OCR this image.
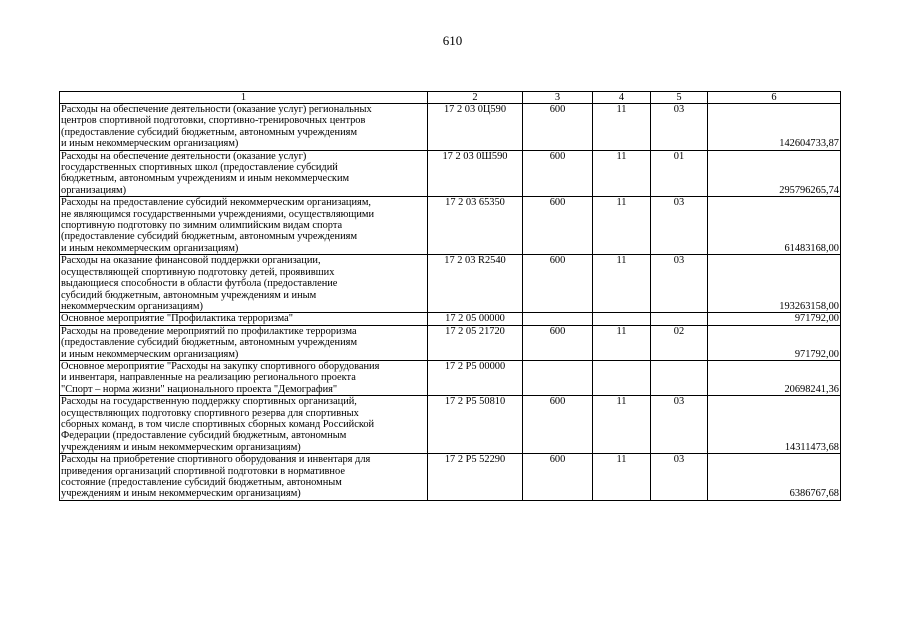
610
1	2	3	4	5	6
Расходы на обеспечение деятельности (оказание услуг) региональных
центров спортивной подготовки, спортивно-тренировочных центров
(предоставление субсидий бюджетным, автономным учреждениям
и иным некоммерческим организациям)	17 2 03 0Ц590	600	11	03	142604733,87
Расходы на обеспечение деятельности (оказание услуг)
государственных спортивных школ (предоставление субсидий
бюджетным, автономным учреждениям и иным некоммерческим
организациям)	17 2 03 0Ш590	600	11	01	295796265,74
Расходы на предоставление субсидий некоммерческим организациям,
не являющимся государственными учреждениями, осуществляющими
спортивную подготовку по зимним олимпийским видам спорта
(предоставление субсидий бюджетным, автономным учреждениям
и иным некоммерческим организациям)	17 2 03 65350	600	11	03	61483168,00
Расходы на оказание финансовой поддержки организации,
осуществляющей спортивную подготовку детей, проявивших
выдающиеся способности в области футбола (предоставление
субсидий бюджетным, автономным учреждениям и иным
некоммерческим организациям)	17 2 03 R2540	600	11	03	193263158,00
Основное мероприятие "Профилактика терроризма"	17 2 05 00000				971792,00
Расходы на проведение мероприятий по профилактике терроризма
(предоставление субсидий бюджетным, автономным учреждениям
и иным некоммерческим организациям)	17 2 05 21720	600	11	02	971792,00
Основное мероприятие "Расходы на закупку спортивного оборудования
и инвентаря, направленные на реализацию регионального проекта
"Спорт – норма жизни" национального проекта "Демография"	17 2 P5 00000				20698241,36
Расходы на государственную поддержку спортивных организаций,
осуществляющих подготовку спортивного резерва для спортивных
сборных команд, в том числе спортивных сборных команд Российской
Федерации (предоставление субсидий бюджетным, автономным
учреждениям и иным некоммерческим организациям)	17 2 P5 50810	600	11	03	14311473,68
Расходы на приобретение спортивного оборудования и инвентаря для
приведения организаций спортивной подготовки в нормативное
состояние (предоставление субсидий бюджетным, автономным
учреждениям и иным некоммерческим организациям)	17 2 P5 52290	600	11	03	6386767,68
